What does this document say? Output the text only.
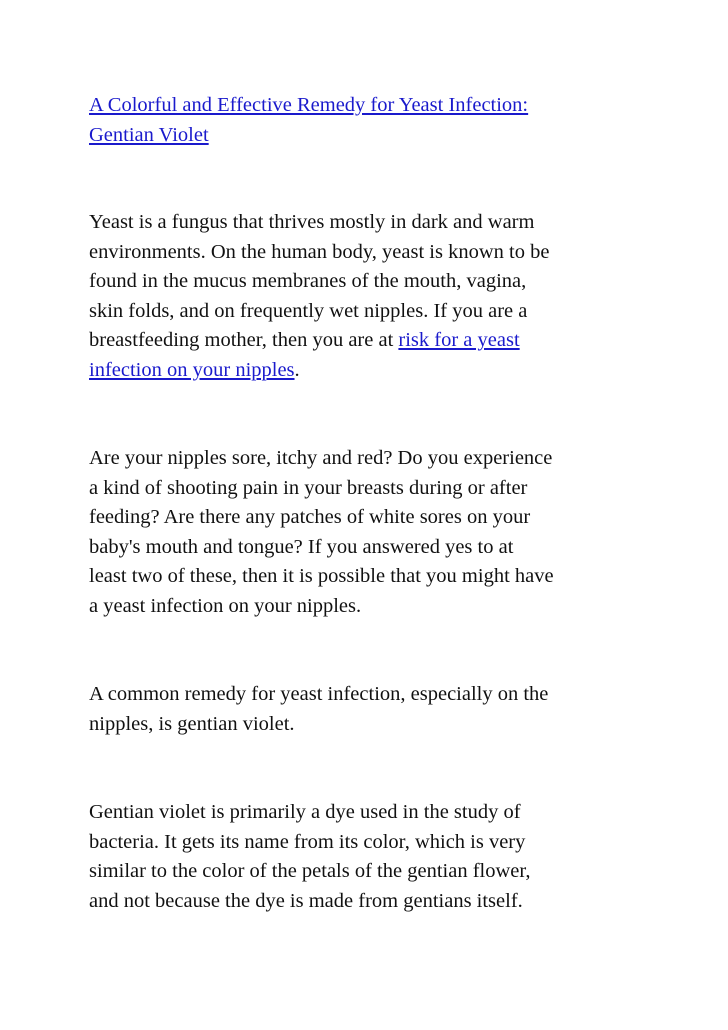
A Colorful and Effective Remedy for Yeast Infection:
Gentian Violet
Yeast is a fungus that thrives mostly in dark and warm
environments. On the human body, yeast is known to be
found in the mucus membranes of the mouth, vagina,
skin folds, and on frequently wet nipples. If you are a
breastfeeding mother, then you are at risk for a yeast
infection on your nipples.
Are your nipples sore, itchy and red? Do you experience
a kind of shooting pain in your breasts during or after
feeding? Are there any patches of white sores on your
baby's mouth and tongue? If you answered yes to at
least two of these, then it is possible that you might have
a yeast infection on your nipples.
A common remedy for yeast infection, especially on the
nipples, is gentian violet.
Gentian violet is primarily a dye used in the study of
bacteria. It gets its name from its color, which is very
similar to the color of the petals of the gentian flower,
and not because the dye is made from gentians itself.
